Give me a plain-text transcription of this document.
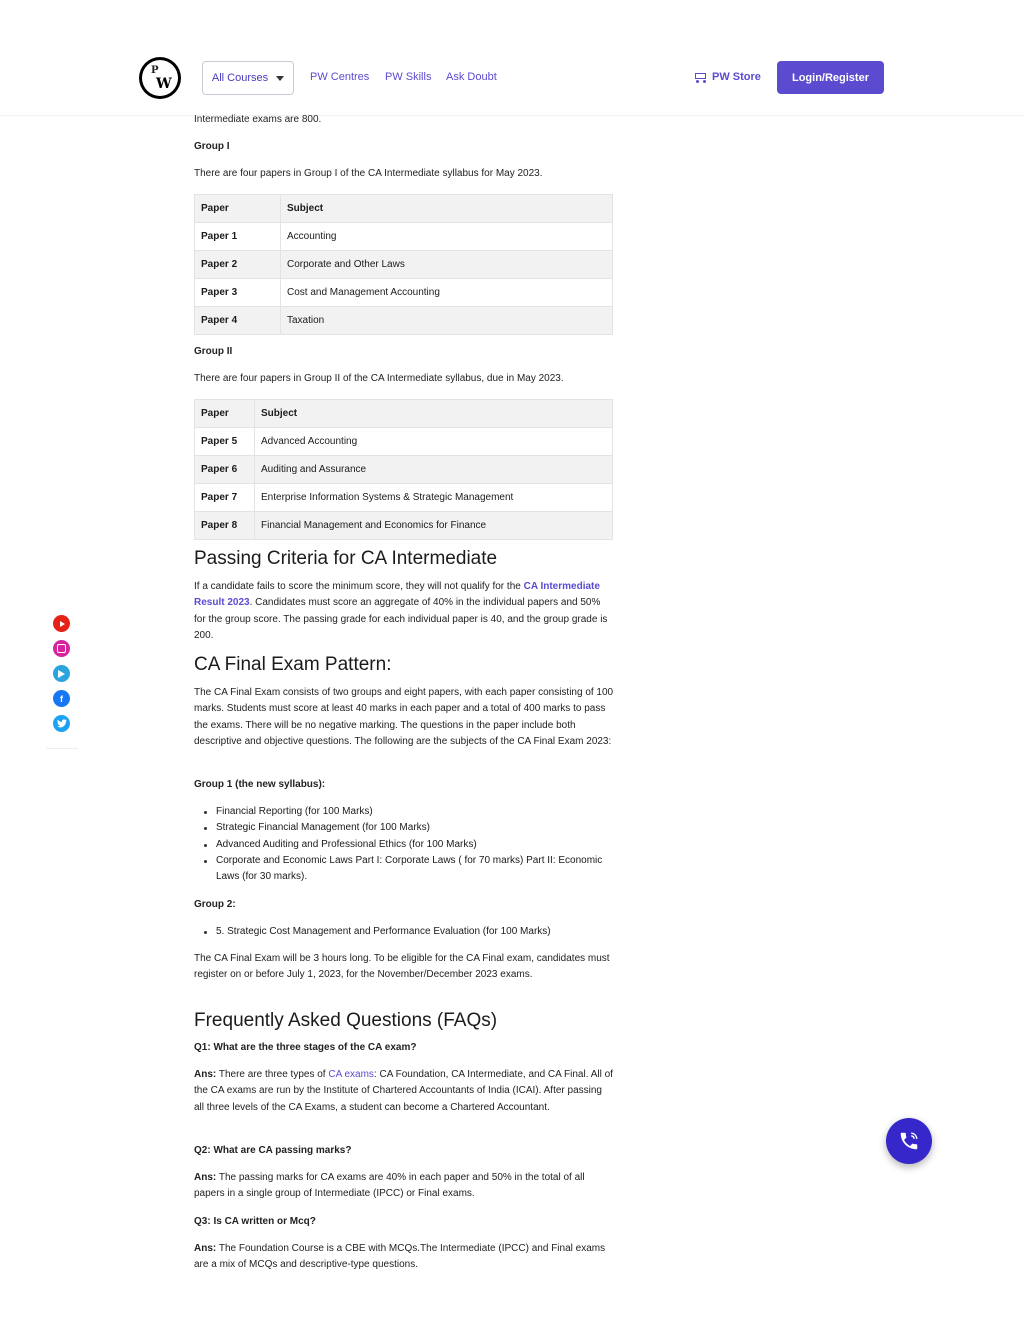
P
W	All Courses	PW Centres PW Skills Ask Doubt	PW Store	Login/Register
Intermediate exams are 800.
Group I
There are four papers in Group I of the CA Intermediate syllabus for May 2023.
Paper	Subject
Paper 1	Accounting
Paper 2	Corporate and Other Laws
Paper 3	Cost and Management Accounting
Paper 4	Taxation
Group II
There are four papers in Group II of the CA Intermediate syllabus, due in May 2023.
Paper	Subject
Paper 5	Advanced Accounting
Paper 6	Auditing and Assurance
Paper 7	Enterprise Information Systems & Strategic Management
Paper 8	Financial Management and Economics for Finance
Passing Criteria for CA Intermediate
If a candidate fails to score the minimum score, they will not qualify for the CA Intermediate Result 2023. Candidates must score an aggregate of 40% in the individual papers and 50% for the group score. The passing grade for each individual paper is 40, and the group grade is 200.
CA Final Exam Pattern:
The CA Final Exam consists of two groups and eight papers, with each paper consisting of 100 marks. Students must score at least 40 marks in each paper and a total of 400 marks to pass the exams. There will be no negative marking. The questions in the paper include both descriptive and objective questions. The following are the subjects of the CA Final Exam 2023:
Group 1 (the new syllabus):
Financial Reporting (for 100 Marks)
Strategic Financial Management (for 100 Marks)
Advanced Auditing and Professional Ethics (for 100 Marks)
Corporate and Economic Laws Part I: Corporate Laws ( for 70 marks) Part II: Economic Laws (for 30 marks).
Group 2:
5. Strategic Cost Management and Performance Evaluation (for 100 Marks)
The CA Final Exam will be 3 hours long. To be eligible for the CA Final exam, candidates must register on or before July 1, 2023, for the November/December 2023 exams.
Frequently Asked Questions (FAQs)
Q1: What are the three stages of the CA exam?
Ans: There are three types of CA exams: CA Foundation, CA Intermediate, and CA Final. All of the CA exams are run by the Institute of Chartered Accountants of India (ICAI). After passing all three levels of the CA Exams, a student can become a Chartered Accountant.
Q2: What are CA passing marks?
Ans: The passing marks for CA exams are 40% in each paper and 50% in the total of all papers in a single group of Intermediate (IPCC) or Final exams.
Q3: Is CA written or Mcq?
Ans: The Foundation Course is a CBE with MCQs.The Intermediate (IPCC) and Final exams are a mix of MCQs and descriptive-type questions.
f
